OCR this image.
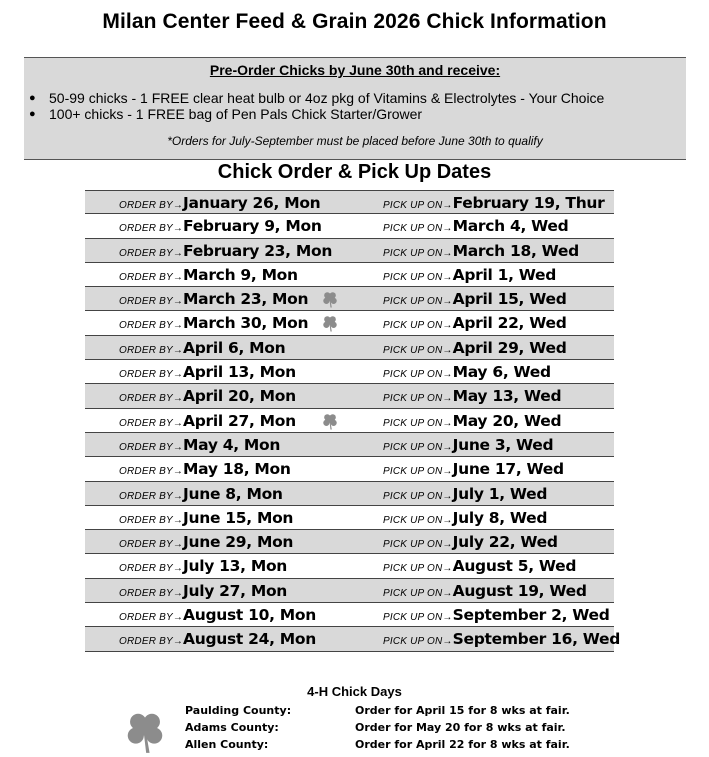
Milan Center Feed & Grain 2026 Chick Information
Pre-Order Chicks by June 30th and receive:
● 50-99 chicks - 1 FREE clear heat bulb or 4oz pkg of Vitamins & Electrolytes - Your Choice
● 100+ chicks - 1 FREE bag of Pen Pals Chick Starter/Grower
*Orders for July-September must be placed before June 30th to qualify
Chick Order & Pick Up Dates
ORDER BY→January 26, Mon	PICK UP ON→February 19, Thur
ORDER BY→February 9, Mon	PICK UP ON→March 4, Wed
ORDER BY→February 23, Mon	PICK UP ON→March 18, Wed
ORDER BY→March 9, Mon	PICK UP ON→April 1, Wed
ORDER BY→March 23, Mon	PICK UP ON→April 15, Wed
ORDER BY→March 30, Mon	PICK UP ON→April 22, Wed
ORDER BY→April 6, Mon	PICK UP ON→April 29, Wed
ORDER BY→April 13, Mon	PICK UP ON→May 6, Wed
ORDER BY→April 20, Mon	PICK UP ON→May 13, Wed
ORDER BY→April 27, Mon	PICK UP ON→May 20, Wed
ORDER BY→May 4, Mon	PICK UP ON→June 3, Wed
ORDER BY→May 18, Mon	PICK UP ON→June 17, Wed
ORDER BY→June 8, Mon	PICK UP ON→July 1, Wed
ORDER BY→June 15, Mon	PICK UP ON→July 8, Wed
ORDER BY→June 29, Mon	PICK UP ON→July 22, Wed
ORDER BY→July 13, Mon	PICK UP ON→August 5, Wed
ORDER BY→July 27, Mon	PICK UP ON→August 19, Wed
ORDER BY→August 10, Mon	PICK UP ON→September 2, Wed
ORDER BY→August 24, Mon	PICK UP ON→September 16, Wed
4-H Chick Days
Paulding County:	Order for April 15 for 8 wks at fair.
Adams County:	Order for May 20 for 8 wks at fair.
Allen County:	Order for April 22 for 8 wks at fair.
